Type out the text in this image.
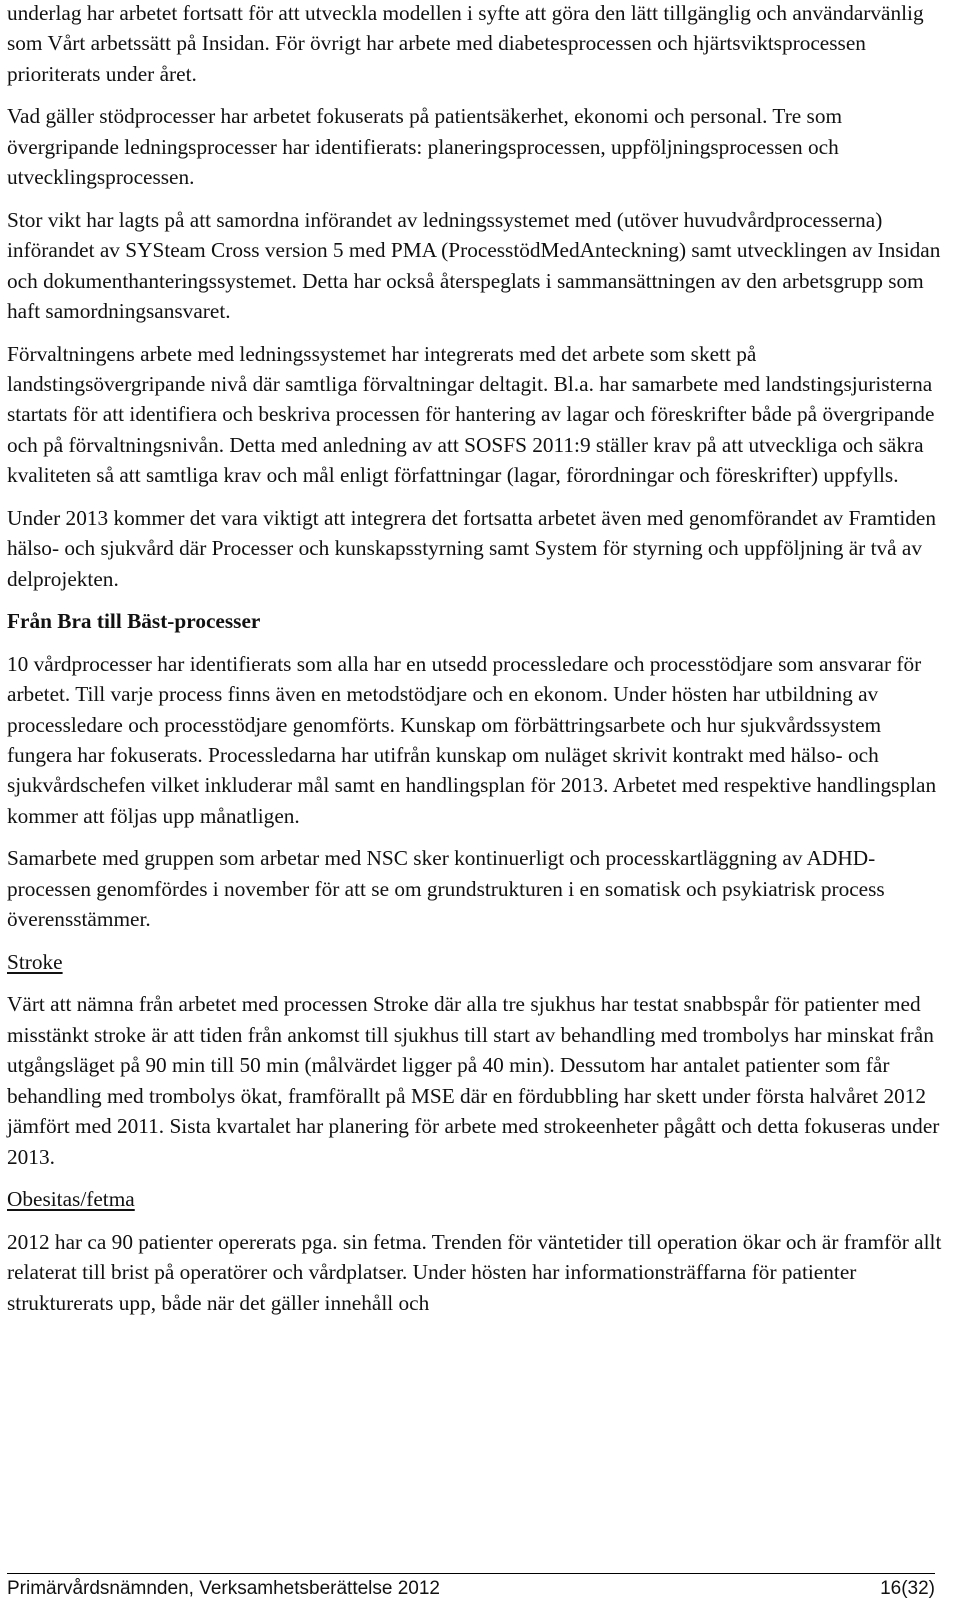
underlag har arbetet fortsatt för att utveckla modellen i syfte att göra den lätt tillgänglig och användarvänlig som Vårt arbetssätt på Insidan. För övrigt har arbete med diabetesprocessen och hjärtsviktsprocessen prioriterats under året.

Vad gäller stödprocesser har arbetet fokuserats på patientsäkerhet, ekonomi och personal. Tre som övergripande ledningsprocesser har identifierats: planeringsprocessen, uppföljningsprocessen och utvecklingsprocessen.

Stor vikt har lagts på att samordna införandet av ledningssystemet med (utöver huvudvårdprocesserna) införandet av SYSteam Cross version 5 med PMA (ProcesstödMedAnteckning) samt utvecklingen av Insidan och dokumenthanteringssystemet. Detta har också återspeglats i sammansättningen av den arbetsgrupp som haft samordningsansvaret.

Förvaltningens arbete med ledningssystemet har integrerats med det arbete som skett på landstingsövergripande nivå där samtliga förvaltningar deltagit. Bl.a. har samarbete med landstingsjuristerna startats för att identifiera och beskriva processen för hantering av lagar och föreskrifter både på övergripande och på förvaltningsnivån. Detta med anledning av att SOSFS 2011:9 ställer krav på att utveckliga och säkra kvaliteten så att samtliga krav och mål enligt författningar (lagar, förordningar och föreskrifter) uppfylls.

Under 2013 kommer det vara viktigt att integrera det fortsatta arbetet även med genomförandet av Framtiden hälso- och sjukvård där Processer och kunskapsstyrning samt System för styrning och uppföljning är två av delprojekten.

Från Bra till Bäst-processer

10 vårdprocesser har identifierats som alla har en utsedd processledare och processtödjare som ansvarar för arbetet. Till varje process finns även en metodstödjare och en ekonom. Under hösten har utbildning av processledare och processtödjare genomförts. Kunskap om förbättringsarbete och hur sjukvårdssystem fungera har fokuserats. Processledarna har utifrån kunskap om nuläget skrivit kontrakt med hälso- och sjukvårdschefen vilket inkluderar mål samt en handlingsplan för 2013. Arbetet med respektive handlingsplan kommer att följas upp månatligen.

Samarbete med gruppen som arbetar med NSC sker kontinuerligt och processkartläggning av ADHD-processen genomfördes i november för att se om grundstrukturen i en somatisk och psykiatrisk process överensstämmer.

Stroke

Värt att nämna från arbetet med processen Stroke där alla tre sjukhus har testat snabbspår för patienter med misstänkt stroke är att tiden från ankomst till sjukhus till start av behandling med trombolys har minskat från utgångsläget på 90 min till 50 min (målvärdet ligger på 40 min). Dessutom har antalet patienter som får behandling med trombolys ökat, framförallt på MSE där en fördubbling har skett under första halvåret 2012 jämfört med 2011. Sista kvartalet har planering för arbete med strokeenheter pågått och detta fokuseras under 2013.

Obesitas/fetma

2012 har ca 90 patienter opererats pga. sin fetma. Trenden för väntetider till operation ökar och är framför allt relaterat till brist på operatörer och vårdplatser. Under hösten har informationsträffarna för patienter strukturerats upp, både när det gäller innehåll och

Primärvårdsnämnden, Verksamhetsberättelse 2012	16(32)
